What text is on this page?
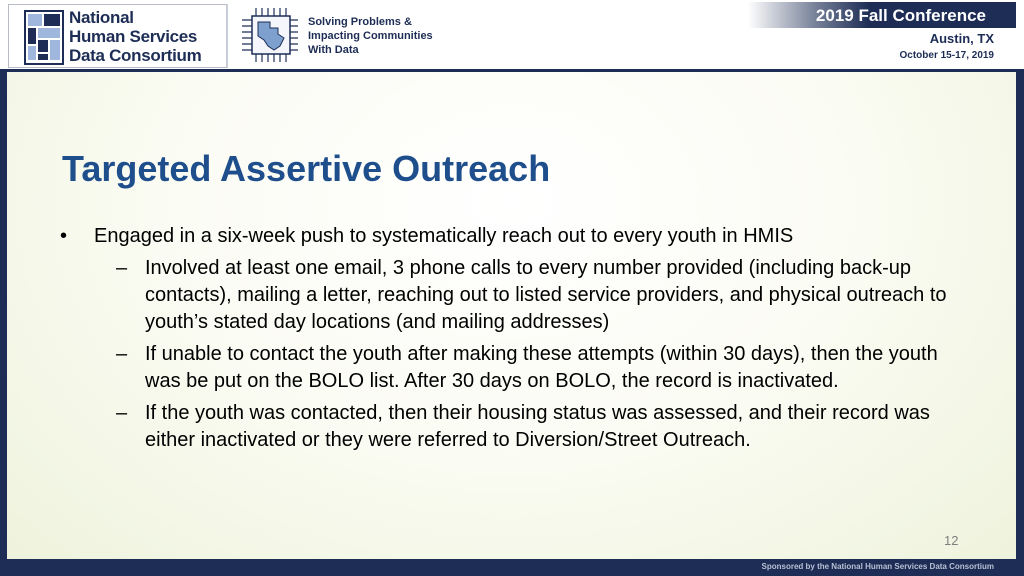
National
Human Services
Data Consortium
Solving Problems &
Impacting Communities
With Data
2019 Fall Conference
Austin, TX
October 15-17, 2019
Targeted Assertive Outreach
• Engaged in a six-week push to systematically reach out to every youth in HMIS
– Involved at least one email, 3 phone calls to every number provided (including back-up contacts), mailing a letter, reaching out to listed service providers, and physical outreach to youth’s stated day locations (and mailing addresses)
– If unable to contact the youth after making these attempts (within 30 days), then the youth was be put on the BOLO list. After 30 days on BOLO, the record is inactivated.
– If the youth was contacted, then their housing status was assessed, and their record was either inactivated or they were referred to Diversion/Street Outreach.
12
Sponsored by the National Human Services Data Consortium
